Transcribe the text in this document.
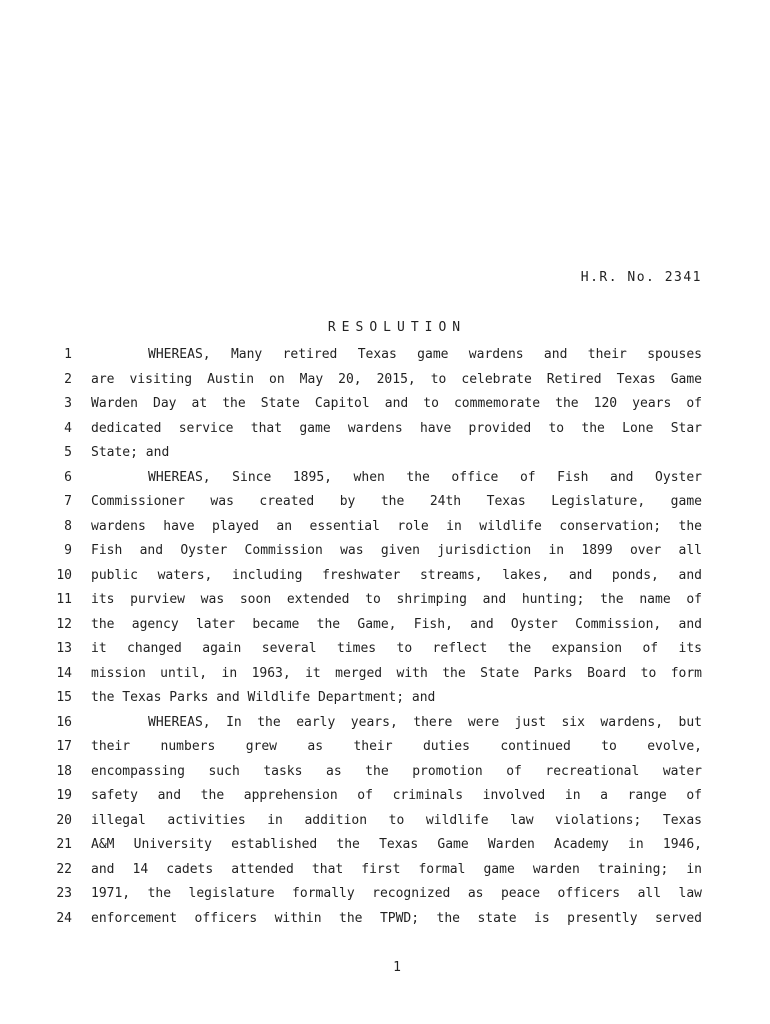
H.R. No. 2341
RESOLUTION
1	WHEREAS, Many retired Texas game wardens and their spouses
2 are visiting Austin on May 20, 2015, to celebrate Retired Texas Game
3 Warden Day at the State Capitol and to commemorate the 120 years of
4 dedicated service that game wardens have provided to the Lone Star
5 State; and
6	WHEREAS, Since 1895, when the office of Fish and Oyster
7 Commissioner was created by the 24th Texas Legislature, game
8 wardens have played an essential role in wildlife conservation; the
9 Fish and Oyster Commission was given jurisdiction in 1899 over all
10 public waters, including freshwater streams, lakes, and ponds, and
11 its purview was soon extended to shrimping and hunting; the name of
12 the agency later became the Game, Fish, and Oyster Commission, and
13 it changed again several times to reflect the expansion of its
14 mission until, in 1963, it merged with the State Parks Board to form
15 the Texas Parks and Wildlife Department; and
16	WHEREAS, In the early years, there were just six wardens, but
17 their numbers grew as their duties continued to evolve,
18 encompassing such tasks as the promotion of recreational water
19 safety and the apprehension of criminals involved in a range of
20 illegal activities in addition to wildlife law violations; Texas
21 A&M University established the Texas Game Warden Academy in 1946,
22 and 14 cadets attended that first formal game warden training; in
23 1971, the legislature formally recognized as peace officers all law
24 enforcement officers within the TPWD; the state is presently served
1
